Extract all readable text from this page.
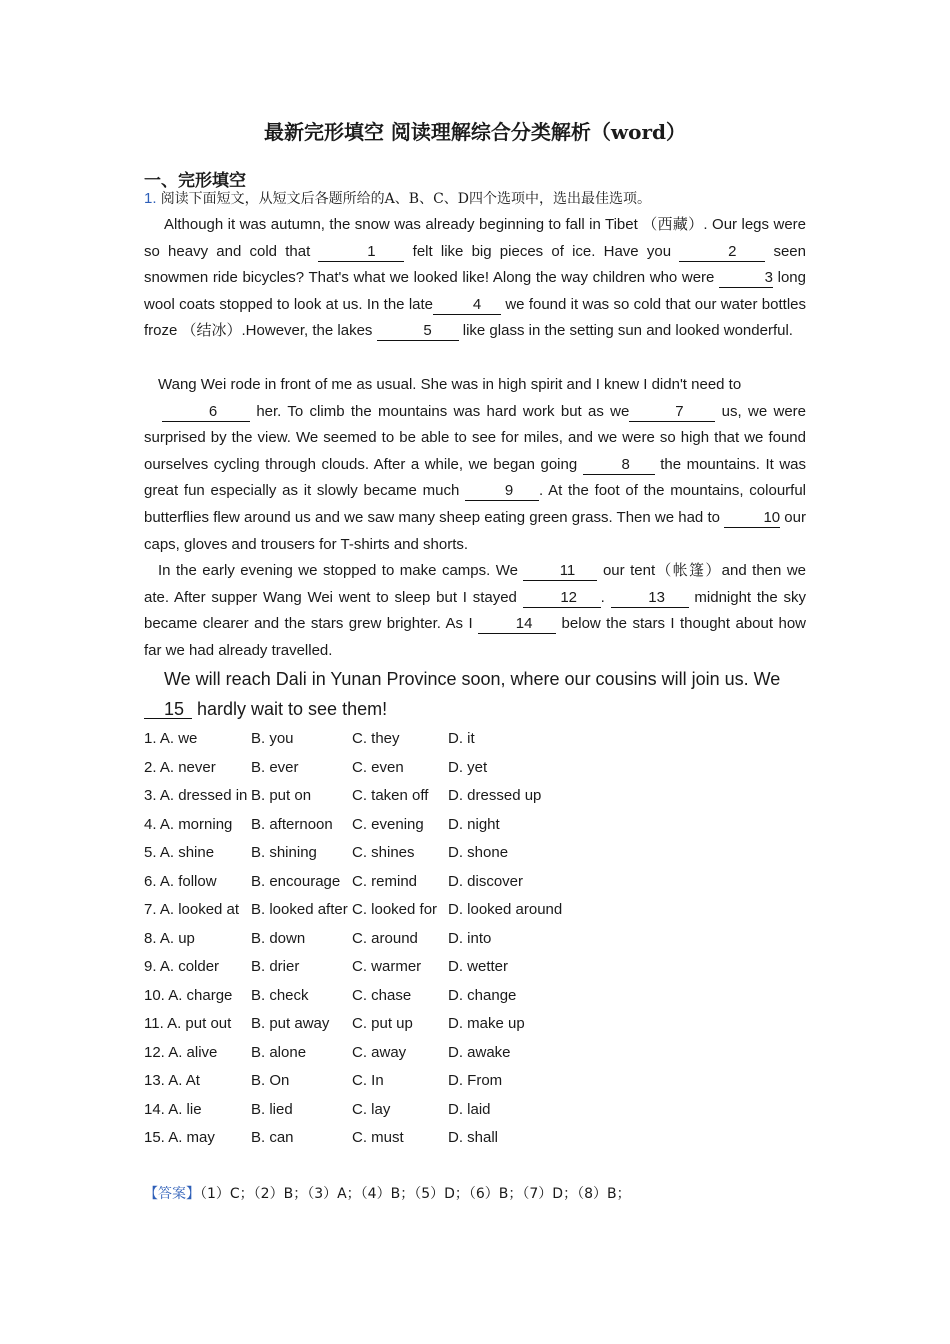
最新完形填空 阅读理解综合分类解析（word）
一、完形填空
1. 阅读下面短文，从短文后各题所给的A、B、C、D四个选项中，选出最佳选项。
Although it was autumn, the snow was already beginning to fall in Tibet （西藏）. Our legs were so heavy and cold that	1 felt like big pieces of ice. Have you	2 seen snowmen ride bicycles? That's what we looked like! Along the way children who were	3 long wool coats stopped to look at us. In the late	4 we found it was so cold that our water bottles froze （结冰）.However, the lakes	5 like glass in the setting sun and looked wonderful.
Wang Wei rode in front of me as usual. She was in high spirit and I knew I didn't need to
6 her. To climb the mountains was hard work but as we	7 us, we were surprised by the view. We seemed to be able to see for miles, and we were so high that we found ourselves cycling through clouds. After a while, we began going	8 the mountains. It was great fun especially as it slowly became much	9 . At the foot of the mountains, colourful butterflies flew around us and we saw many sheep eating green grass. Then we had to	10 our caps, gloves and trousers for T-shirts and shorts.
In the early evening we stopped to make camps. We 11 our tent（帐篷）and then we ate. After supper Wang Wei went to sleep but I stayed	12 .	13 midnight the sky became clearer and the stars grew brighter. As I	14 below the stars I thought about how far we had already travelled.
We will reach Dali in Yunan Province soon, where our cousins will join us. We
15 hardly wait to see them!
1. A. we	B. you	C. they	D. it
2. A. never B. ever	C. even	D. yet
3. A. dressed in B. put on	C. taken off D. dressed up
4. A. morning B. afternoon C. evening D. night
5. A. shine B. shining C. shines D. shone
6. A. follow B. encourage C. remind D. discover
7. A. looked at B. looked after C. looked for D. looked around
8. A. up	B. down	C. around D. into
9. A. colder B. drier	C. warmer D. wetter
10. A. charge B. check	C. chase D. change
11. A. put out B. put away C. put up D. make up
12. A. alive B. alone	C. away	D. awake
13. A. At	B. On	C. In	D. From
14. A. lie	B. lied	C. lay	D. laid
15. A. may B. can	C. must	D. shall
【答案】（1）C；（2）B；（3）A；（4）B；（5）D；（6）B；（7）D；（8）B；
